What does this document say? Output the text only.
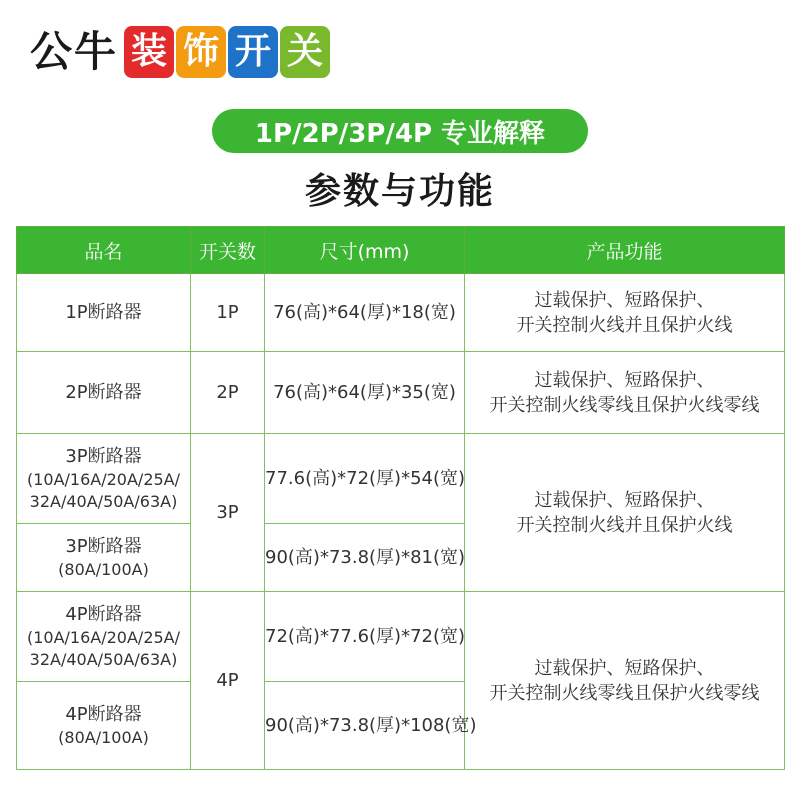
公牛 装 饰 开 关
1P/2P/3P/4P 专业解释
参数与功能
品名	开关数	尺寸(mm)	产品功能
1P断路器	1P	76(高)*64(厚)*18(宽)	过载保护、短路保护、
开关控制火线并且保护火线

2P断路器	2P	76(高)*64(厚)*35(宽)	过载保护、短路保护、
开关控制火线零线且保护火线零线

3P断路器
(10A/16A/20A/25A/
32A/40A/50A/63A)	3P	77.6(高)*72(厚)*54(宽)	过载保护、短路保护、
开关控制火线并且保护火线

3P断路器
(80A/100A)		90(高)*73.8(厚)*81(宽)	

4P断路器
(10A/16A/20A/25A/
32A/40A/50A/63A)	4P	72(高)*77.6(厚)*72(宽)	过载保护、短路保护、
开关控制火线零线且保护火线零线

4P断路器
(80A/100A)		90(高)*73.8(厚)*108(宽)	
